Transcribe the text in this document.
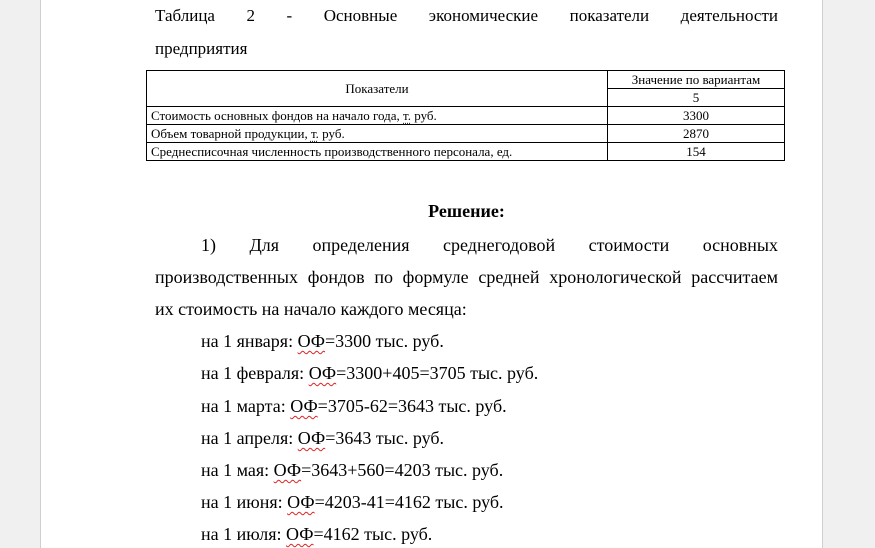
Таблица 2 - Основные экономические показатели деятельности
предприятия
Показатели	Значение по вариантам
	5
Стоимость основных фондов на начало года, т. руб.	3300
Объем товарной продукции, т. руб.	2870
Среднесписочная численность производственного персонала, ед.	154
Решение:
1) Для определения среднегодовой стоимости основных
производственных фондов по формуле средней хронологической рассчитаем
их стоимость на начало каждого месяца:
на 1 января: ОФ=3300 тыс. руб.
на 1 февраля: ОФ=3300+405=3705 тыс. руб.
на 1 марта: ОФ=3705-62=3643 тыс. руб.
на 1 апреля: ОФ=3643 тыс. руб.
на 1 мая: ОФ=3643+560=4203 тыс. руб.
на 1 июня: ОФ=4203-41=4162 тыс. руб.
на 1 июля: ОФ=4162 тыс. руб.
